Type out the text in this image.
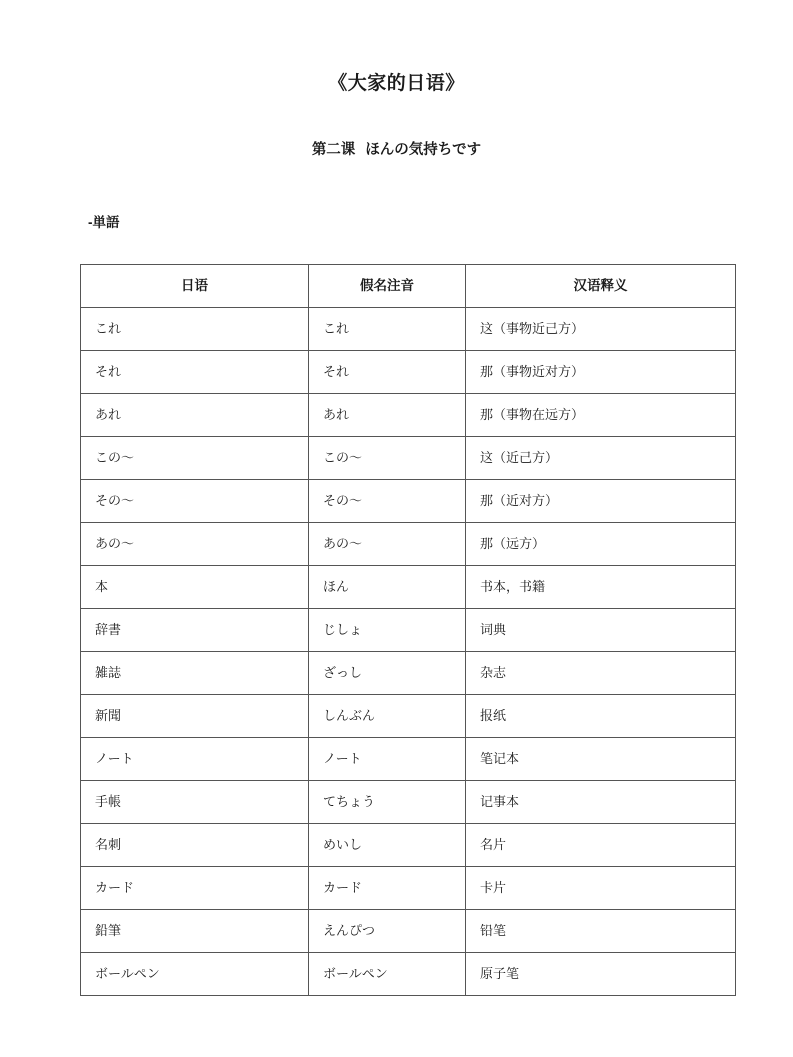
《大家的日语》

第二课 ほんの気持ちです

-単語

日语	假名注音	汉语释义
これ	これ	这（事物近己方）
それ	それ	那（事物近对方）
あれ	あれ	那（事物在远方）
この～	この～	这（近己方）
その～	その～	那（近对方）
あの～	あの～	那（远方）
本	ほん	书本，书籍
辞書	じしょ	词典
雑誌	ざっし	杂志
新聞	しんぶん	报纸
ノート	ノート	笔记本
手帳	てちょう	记事本
名刺	めいし	名片
カード	カード	卡片
鉛筆	えんぴつ	铅笔
ボールペン	ボールペン	原子笔
